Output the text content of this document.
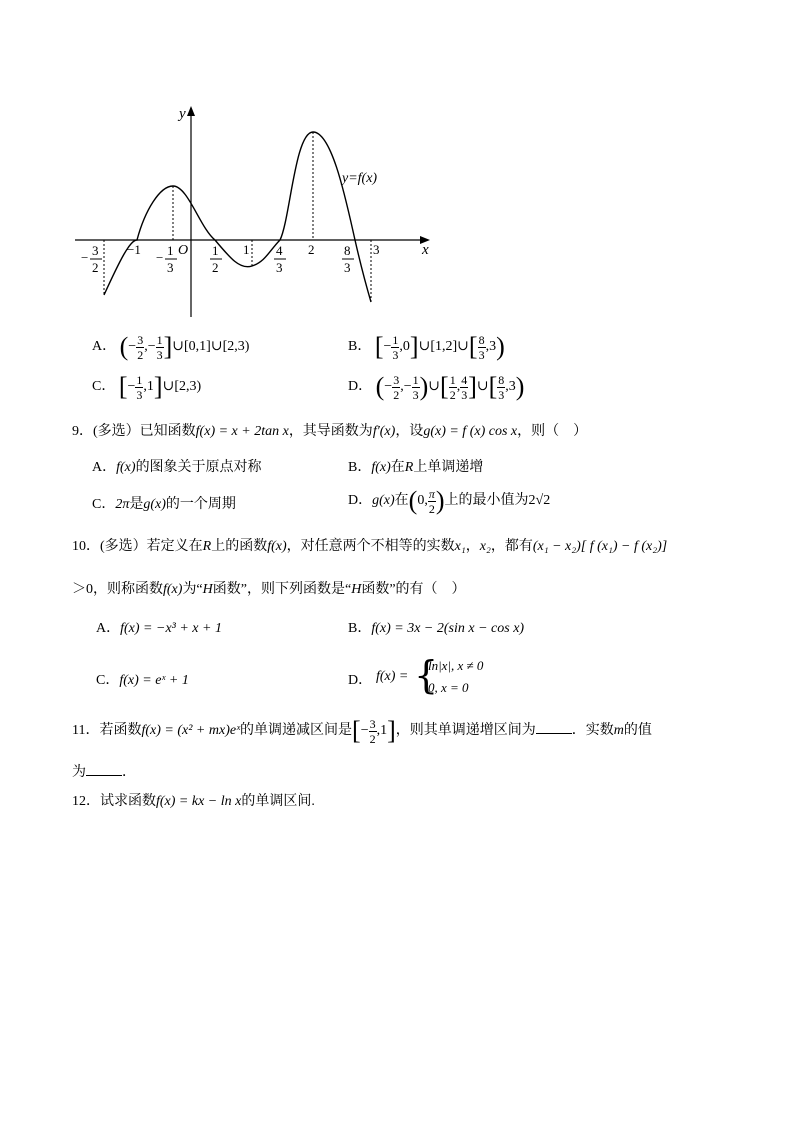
y
x
O
− 3
2
−1
− 1
3
1
2
1 4
3
2 8
3
3
y=f(x)
A． (− $\frac{3}{2}$ ,− $\frac{1}{3}$ ]∪[0,1]∪[2,3)	B． [− $\frac{1}{3}$ ,0]∪[1,2]∪[ $\frac{8}{3} ,3$)
C． [− $\frac{1}{3}$ ,1]∪[2,3)	D． (− $\frac{3}{2}$ ,− $\frac{1}{3}$ )∪[ $\frac{1}{2}$ , $\frac{4}{3}$ ]∪[ $\frac{8}{3} ,3$)
9．(多选）已知函数f(x) = x + 2tan x，其导函数为f′(x)，设g(x) = f (x) cos x，则（　）
A．f(x)的图象关于原点对称	B．f(x)在R上单调递增
C．2π是g(x)的一个周期	D．g(x)在(0, $\frac{\pi}{2}$ )上的最小值为2√2
10．(多选）若定义在R上的函数f(x)，对任意两个不相等的实数x₁，x₂，都有(x₁ − x₂)[ f (x₁) − f (x₂)]
＞0，则称函数f(x)为“H函数”，则下列函数是“H函数”的有（　）
A．f(x) = −x³ + x + 1	B．f(x) = 3x − 2(sin x − cos x)
C．f(x) = eˣ + 1	D． f(x) = {
ln|x|, x ≠ 0
0, x = 0
11．若函数f(x) = (x² + mx)eˣ的单调递减区间是[− $\frac{3}{2} ,1$]，则其单调递增区间为	．实数m的值
为	．
12．试求函数f(x) = kx − ln x的单调区间.
